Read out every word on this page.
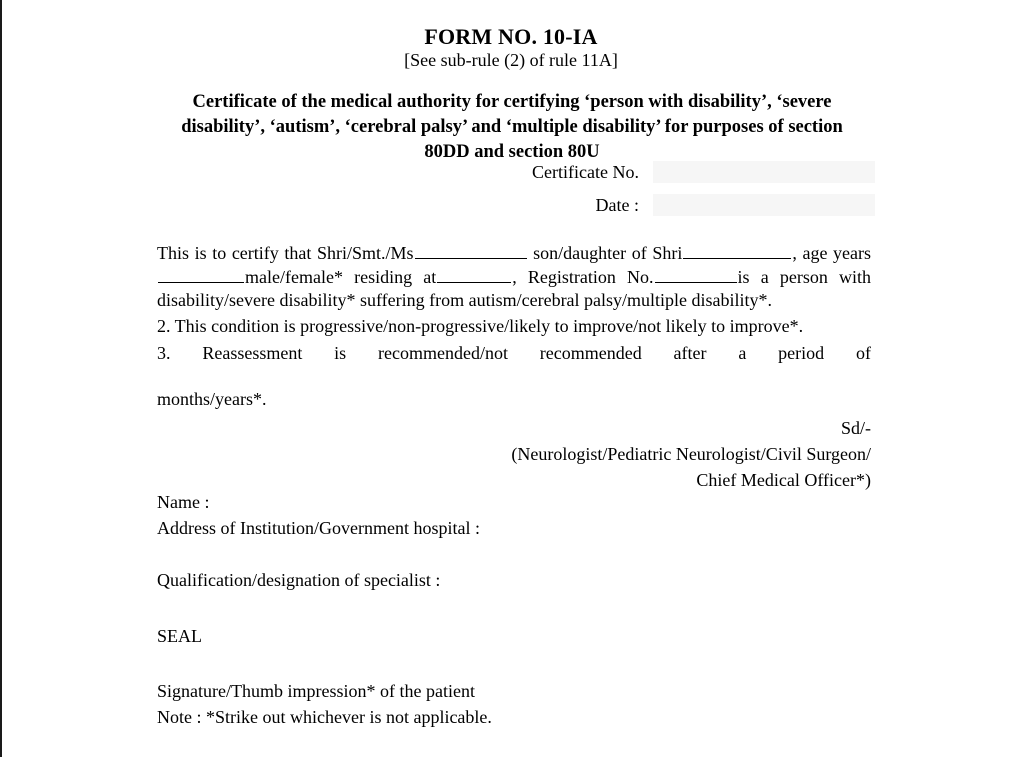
FORM NO. 10-IA
[See sub-rule (2) of rule 11A]
Certificate of the medical authority for certifying ‘person with disability’, ‘severe disability’, ‘autism’, ‘cerebral palsy’ and ‘multiple disability’ for purposes of section 80DD and section 80U
Certificate No.
Date :

This is to certify that Shri/Smt./Ms	son/daughter of Shri	, age yearsmale/female* residing at	, Registration No.	is a person with disability/severe disability* suffering from autism/cerebral palsy/multiple disability*.

2. This condition is progressive/non-progressive/likely to improve/not likely to improve*.

3. Reassessment is recommended/not recommended after a period of
months/years*.

Sd/-
(Neurologist/Pediatric Neurologist/Civil Surgeon/
Chief Medical Officer*)
Name :
Address of Institution/Government hospital :
Qualification/designation of specialist :
SEAL
Signature/Thumb impression* of the patient
Note : *Strike out whichever is not applicable.
